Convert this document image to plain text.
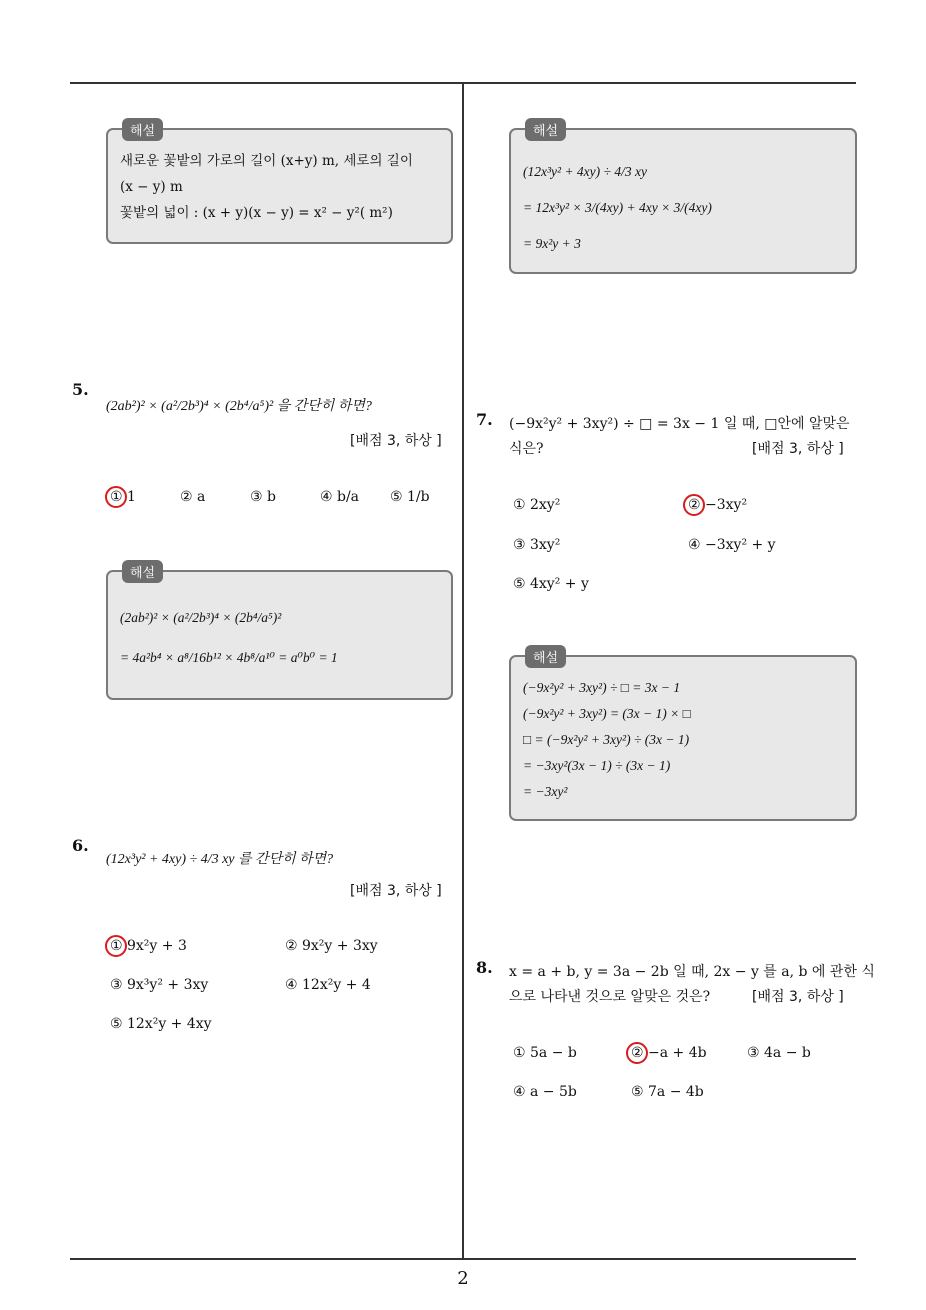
해설
새로운 꽃밭의 가로의 길이 (x+y) m, 세로의 길이
(x − y) m
꽃밭의 넓이 : (x + y)(x − y) = x² − y²( m²)
5.
(2ab²)² × (a²/2b³)⁴ × (2b⁴/a⁵)² 을 간단히 하면?
[배점 3, 하상 ]
① 1	② a	③ b	④ b/a ⑤ 1/b
해설
(2ab²)² × (a²/2b³)⁴ × (2b⁴/a⁵)²
= 4a²b⁴ × a⁸/16b¹² × 4b⁸/a¹⁰ = a⁰b⁰ = 1
6.
(12x³y² + 4xy) ÷ 4/3 xy 를 간단히 하면?
[배점 3, 하상 ]
① 9x²y + 3	② 9x²y + 3xy
③ 9x³y² + 3xy	④ 12x²y + 4
⑤ 12x²y + 4xy
해설
(12x³y² + 4xy) ÷ 4/3 xy
= 12x³y² × 3/(4xy) + 4xy × 3/(4xy)
= 9x²y + 3
7. (−9x²y² + 3xy²) ÷ □ = 3x − 1 일 때, □안에 알맞은
식은?	[배점 3, 하상 ]
① 2xy²	② −3xy²
③ 3xy²	④ −3xy² + y
⑤ 4xy² + y
해설
(−9x²y² + 3xy²) ÷ □ = 3x − 1
(−9x²y² + 3xy²) = (3x − 1) × □
□ = (−9x²y² + 3xy²) ÷ (3x − 1)
= −3xy²(3x − 1) ÷ (3x − 1)
= −3xy²
8. x = a + b, y = 3a − 2b 일 때, 2x − y 를 a, b 에 관한 식
으로 나타낸 것으로 알맞은 것은?	[배점 3, 하상 ]
① 5a − b	② −a + 4b	③ 4a − b
④ a − 5b	⑤ 7a − 4b
2
